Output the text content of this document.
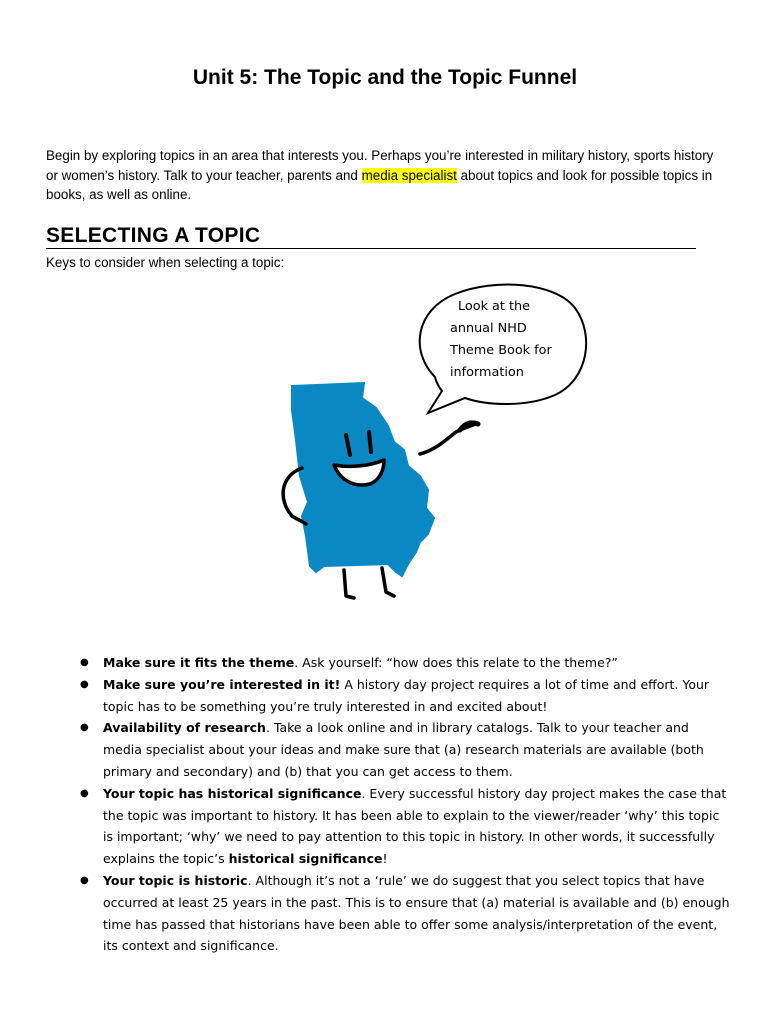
Unit 5: The Topic and the Topic Funnel
Begin by exploring topics in an area that interests you. Perhaps you’re interested in military history, sports history or women’s history. Talk to your teacher, parents and media specialist about topics and look for possible topics in books, as well as online.
SELECTING A TOPIC
Keys to consider when selecting a topic:
Look at the
annual NHD
Theme Book for
information
● Make sure it fits the theme. Ask yourself: “how does this relate to the theme?”
● Make sure you’re interested in it! A history day project requires a lot of time and effort. Your topic has to be something you’re truly interested in and excited about!
● Availability of research. Take a look online and in library catalogs. Talk to your teacher and media specialist about your ideas and make sure that (a) research materials are available (both primary and secondary) and (b) that you can get access to them.
● Your topic has historical significance. Every successful history day project makes the case that the topic was important to history. It has been able to explain to the viewer/reader ‘why’ this topic is important; ‘why’ we need to pay attention to this topic in history. In other words, it successfully explains the topic’s historical significance!
● Your topic is historic. Although it’s not a ‘rule’ we do suggest that you select topics that have occurred at least 25 years in the past. This is to ensure that (a) material is available and (b) enough time has passed that historians have been able to offer some analysis/interpretation of the event, its context and significance.
